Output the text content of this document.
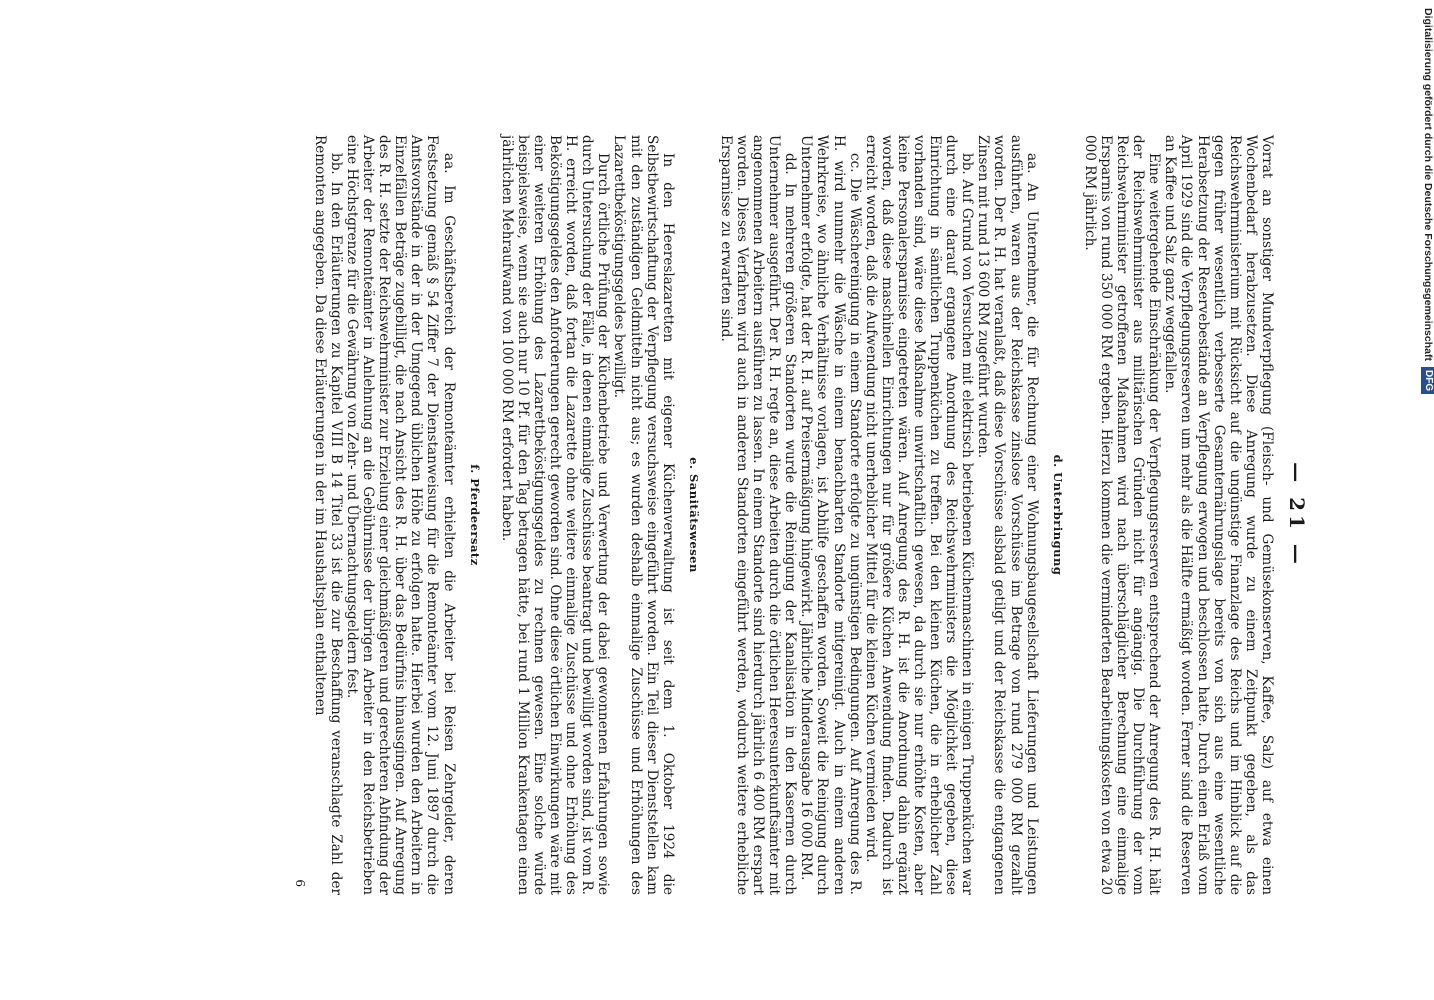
— 21 —

Vorrat an sonstiger Mundverpflegung (Fleisch- und Gemüsekonserven, Kaffee, Salz) auf etwa einen Wochenbedarf herabzusetzen. Diese Anregung wurde zu einem Zeitpunkt gegeben, als das Reichswehrministerium mit Rücksicht auf die ungünstige Finanzlage des Reichs und im Hinblick auf die gegen früher wesentlich verbesserte Gesamternährungslage bereits von sich aus eine wesentliche Herabsetzung der Reservebestände an Verpflegung erwogen und beschlossen hatte. Durch einen Erlaß vom April 1929 sind die Verpflegungsreserven um mehr als die Hälfte ermäßigt worden. Ferner sind die Reserven an Kaffee und Salz ganz weggefallen.

Eine weitergehende Einschränkung der Verpflegungsreserven entsprechend der Anregung des R. H. hält der Reichswehrminister aus militärischen Gründen nicht für angängig. Die Durchführung der vom Reichswehrminister getroffenen Maßnahmen wird nach überschläglicher Berechnung eine einmalige Ersparnis von rund 350 000 RM ergeben. Hierzu kommen die verminderten Bearbeitungskosten von etwa 20 000 RM jährlich.

d. Unterbringung

aa. An Unternehmer, die für Rechnung einer Wohnungsbaugesellschaft Lieferungen und Leistungen ausführten, waren aus der Reichskasse zinslose Vorschüsse im Betrage von rund 279 000 RM gezahlt worden. Der R. H. hat veranlaßt, daß diese Vorschüsse alsbald getilgt und der Reichskasse die entgangenen Zinsen mit rund 13 600 RM zugeführt wurden.

bb. Auf Grund von Versuchen mit elektrisch betriebenen Küchenmaschinen in einigen Truppenküchen war durch eine darauf ergangene Anordnung des Reichswehrministers die Möglichkeit gegeben, diese Einrichtung in sämtlichen Truppenküchen zu treffen. Bei den kleinen Küchen, die in erheblicher Zahl vorhanden sind, wäre diese Maßnahme unwirtschaftlich gewesen, da durch sie nur erhöhte Kosten, aber keine Personalersparnisse eingetreten wären. Auf Anregung des R. H. ist die Anordnung dahin ergänzt worden, daß diese maschinellen Einrichtungen nur für größere Küchen Anwendung finden. Dadurch ist erreicht worden, daß die Aufwendung nicht unerheblicher Mittel für die kleinen Küchen vermieden wird.

cc. Die Wäschereinigung in einem Standorte erfolgte zu ungünstigen Bedingungen. Auf Anregung des R. H. wird nunmehr die Wäsche in einem benachbarten Standorte mitgereinigt. Auch in einem anderen Wehrkreise, wo ähnliche Verhältnisse vorlagen, ist Abhilfe geschaffen worden. Soweit die Reinigung durch Unternehmer erfolgte, hat der R. H. auf Preisermäßigung hingewirkt. Jährliche Minderausgabe 16 000 RM.

dd. In mehreren größeren Standorten wurde die Reinigung der Kanalisation in den Kasernen durch Unternehmer ausgeführt. Der R. H. regte an, diese Arbeiten durch die örtlichen Heeresunterkunftsämter mit angenommenen Arbeitern ausführen zu lassen. In einem Standorte sind hierdurch jährlich 6 400 RM erspart worden. Dieses Verfahren wird auch in anderen Standorten eingeführt werden, wodurch weitere erhebliche Ersparnisse zu erwarten sind.

e. Sanitätswesen

In den Heereslazaretten mit eigener Küchenverwaltung ist seit dem 1. Oktober 1924 die Selbstbewirtschaftung der Verpflegung versuchsweise eingeführt worden. Ein Teil dieser Dienststellen kam mit den zuständigen Geldmitteln nicht aus; es wurden deshalb einmalige Zuschüsse und Erhöhungen des Lazarettbeköstigungsgeldes bewilligt.

Durch örtliche Prüfung der Küchenbetriebe und Verwertung der dabei gewonnenen Erfahrungen sowie durch Untersuchung der Fälle, in denen einmalige Zuschüsse beantragt und bewilligt worden sind, ist vom R. H. erreicht worden, daß fortan die Lazarette ohne weitere einmalige Zuschüsse und ohne Erhöhung des Beköstigungsgeldes den Anforderungen gerecht geworden sind. Ohne diese örtlichen Einwirkungen wäre mit einer weiteren Erhöhung des Lazarettbeköstigungsgeldes zu rechnen gewesen. Eine solche würde beispielsweise, wenn sie auch nur 10 Pf. für den Tag betragen hätte, bei rund 1 Million Krankentagen einen jährlichen Mehraufwand von 100 000 RM erfordert haben.

f. Pferdeersatz

aa. Im Geschäftsbereich der Remonteämter erhielten die Arbeiter bei Reisen Zehrgelder, deren Festsetzung gemäß § 54 Ziffer 7 der Dienstanweisung für die Remonteämter vom 12. Juni 1897 durch die Amtsvorstände in der in der Umgegend üblichen Höhe zu erfolgen hatte. Hierbei wurden den Arbeitern in Einzelfällen Beträge zugebilligt, die nach Ansicht des R. H. über das Bedürfnis hinausgingen. Auf Anregung des R. H. setzte der Reichswehrminister zur Erzielung einer gleichmäßigeren und gerechteren Abfindung der Arbeiter der Remonteämter in Anlehnung an die Gebührnisse der übrigen Arbeiter in den Reichsbetrieben eine Höchstgrenze für die Gewährung von Zehr- und Übernachtungsgeldern fest.

bb. In den Erläuterungen zu Kapitel VIII B 14 Titel 33 ist die zur Beschaffung veranschlagte Zahl der Remonten angegeben. Da diese Erläuterungen in der im Haushaltsplan enthaltenen

6
Digitalisierung gefördert durch die Deutsche Forschungsgemeinschaft
DFG
